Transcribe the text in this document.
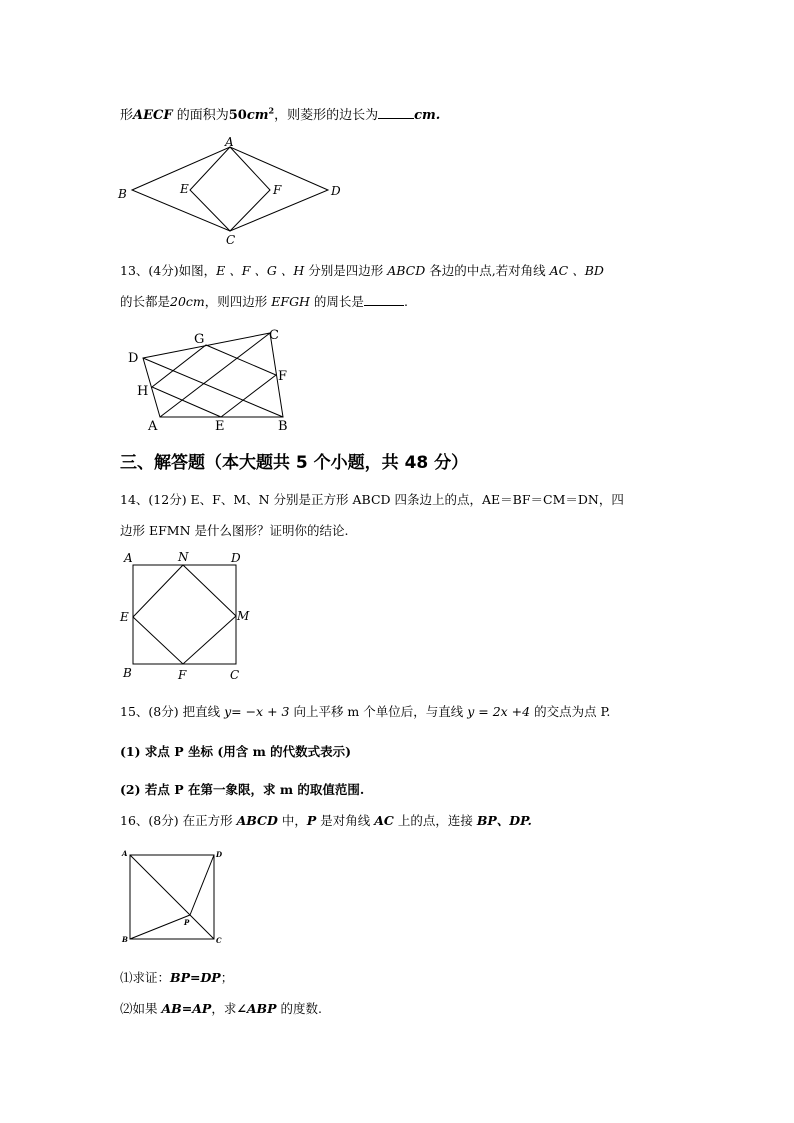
形AECF 的面积为$50cm^2$，则菱形的边长为	cm.
A
B
C
D
E	F
13、(4分)如图，E 、F 、G 、H 分别是四边形 ABCD 各边的中点,若对角线 AC 、BD
的长都是20cm，则四边形 EFGH 的周长是	.
D
G	C
F
H
A	E	B
三、解答题（本大题共 5 个小题，共 48 分）
14、(12分) E、F、M、N 分别是正方形 ABCD 四条边上的点，AE＝BF＝CM＝DN，四
边形 EFMN 是什么图形？证明你的结论.
A	N	D
E	M
B	F	C
15、(8分) 把直线 y= −x + 3 向上平移 m 个单位后，与直线 y = 2x +4 的交点为点 P.
(1) 求点 P 坐标 (用含 m 的代数式表示)
(2) 若点 P 在第一象限，求 m 的取值范围.
16、(8分) 在正方形 ABCD 中，P 是对角线 AC 上的点，连接 BP、DP.
A	D
B	C
P
⑴求证：BP=DP；
⑵如果 AB=AP，求∠ABP 的度数.
